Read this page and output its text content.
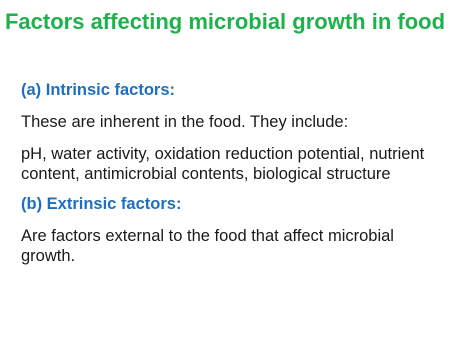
Factors affecting microbial growth in food

(a) Intrinsic factors:

These are inherent in the food. They include:

pH, water activity, oxidation reduction potential, nutrient content, antimicrobial contents, biological structure

(b) Extrinsic factors:

Are factors external to the food that affect microbial growth.
